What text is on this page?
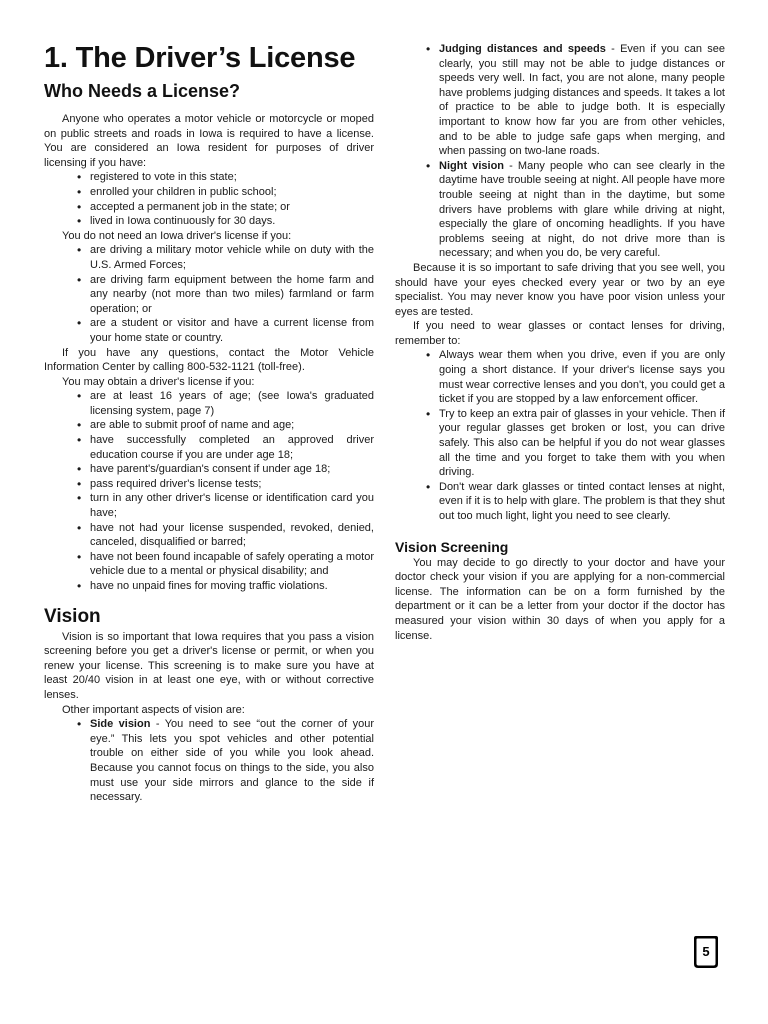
1. The Driver’s License
Who Needs a License?

Anyone who operates a motor vehicle or motorcycle or moped on public streets and roads in Iowa is required to have a license. You are considered an Iowa resident for purposes of driver licensing if you have:

• registered to vote in this state;
• enrolled your children in public school;
• accepted a permanent job in the state; or
• lived in Iowa continuously for 30 days.

You do not need an Iowa driver's license if you:

• are driving a military motor vehicle while on duty with the U.S. Armed Forces;
• are driving farm equipment between the home farm and any nearby (not more than two miles) farmland or farm operation; or
• are a student or visitor and have a current license from your home state or country.

If you have any questions, contact the Motor Vehicle Information Center by calling 800-532-1121 (toll-free).

You may obtain a driver's license if you:

• are at least 16 years of age; (see Iowa's graduated licensing system, page 7)
• are able to submit proof of name and age;
• have successfully completed an approved driver education course if you are under age 18;
• have parent's/guardian's consent if under age 18;
• pass required driver's license tests;
• turn in any other driver's license or identification card you have;
• have not had your license suspended, revoked, denied, canceled, disqualified or barred;
• have not been found incapable of safely operating a motor vehicle due to a mental or physical disability; and
• have no unpaid fines for moving traffic violations.
Vision

Vision is so important that Iowa requires that you pass a vision screening before you get a driver's license or permit, or when you renew your license. This screening is to make sure you have at least 20/40 vision in at least one eye, with or without corrective lenses.

Other important aspects of vision are:

• Side vision - You need to see “out the corner of your eye.” This lets you spot vehicles and other potential trouble on either side of you while you look ahead. Because you cannot focus on things to the side, you also must use your side mirrors and glance to the side if necessary.
• Judging distances and speeds - Even if you can see clearly, you still may not be able to judge distances or speeds very well. In fact, you are not alone, many people have problems judging distances and speeds. It takes a lot of practice to be able to judge both. It is especially important to know how far you are from other vehicles, and to be able to judge safe gaps when merging, and when passing on two-lane roads.
• Night vision - Many people who can see clearly in the daytime have trouble seeing at night. All people have more trouble seeing at night than in the daytime, but some drivers have problems with glare while driving at night, especially the glare of oncoming headlights. If you have problems seeing at night, do not drive more than is necessary; and when you do, be very careful.

Because it is so important to safe driving that you see well, you should have your eyes checked every year or two by an eye specialist. You may never know you have poor vision unless your eyes are tested.

If you need to wear glasses or contact lenses for driving, remember to:

• Always wear them when you drive, even if you are only going a short distance. If your driver's license says you must wear corrective lenses and you don't, you could get a ticket if you are stopped by a law enforcement officer.
• Try to keep an extra pair of glasses in your vehicle. Then if your regular glasses get broken or lost, you can drive safely. This also can be helpful if you do not wear glasses all the time and you forget to take them with you when driving.
• Don't wear dark glasses or tinted contact lenses at night, even if it is to help with glare. The problem is that they shut out too much light, light you need to see clearly.
Vision Screening

You may decide to go directly to your doctor and have your doctor check your vision if you are applying for a non-commercial license. The information can be on a form furnished by the department or it can be a letter from your doctor if the doctor has measured your vision within 30 days of when you apply for a license.

5
